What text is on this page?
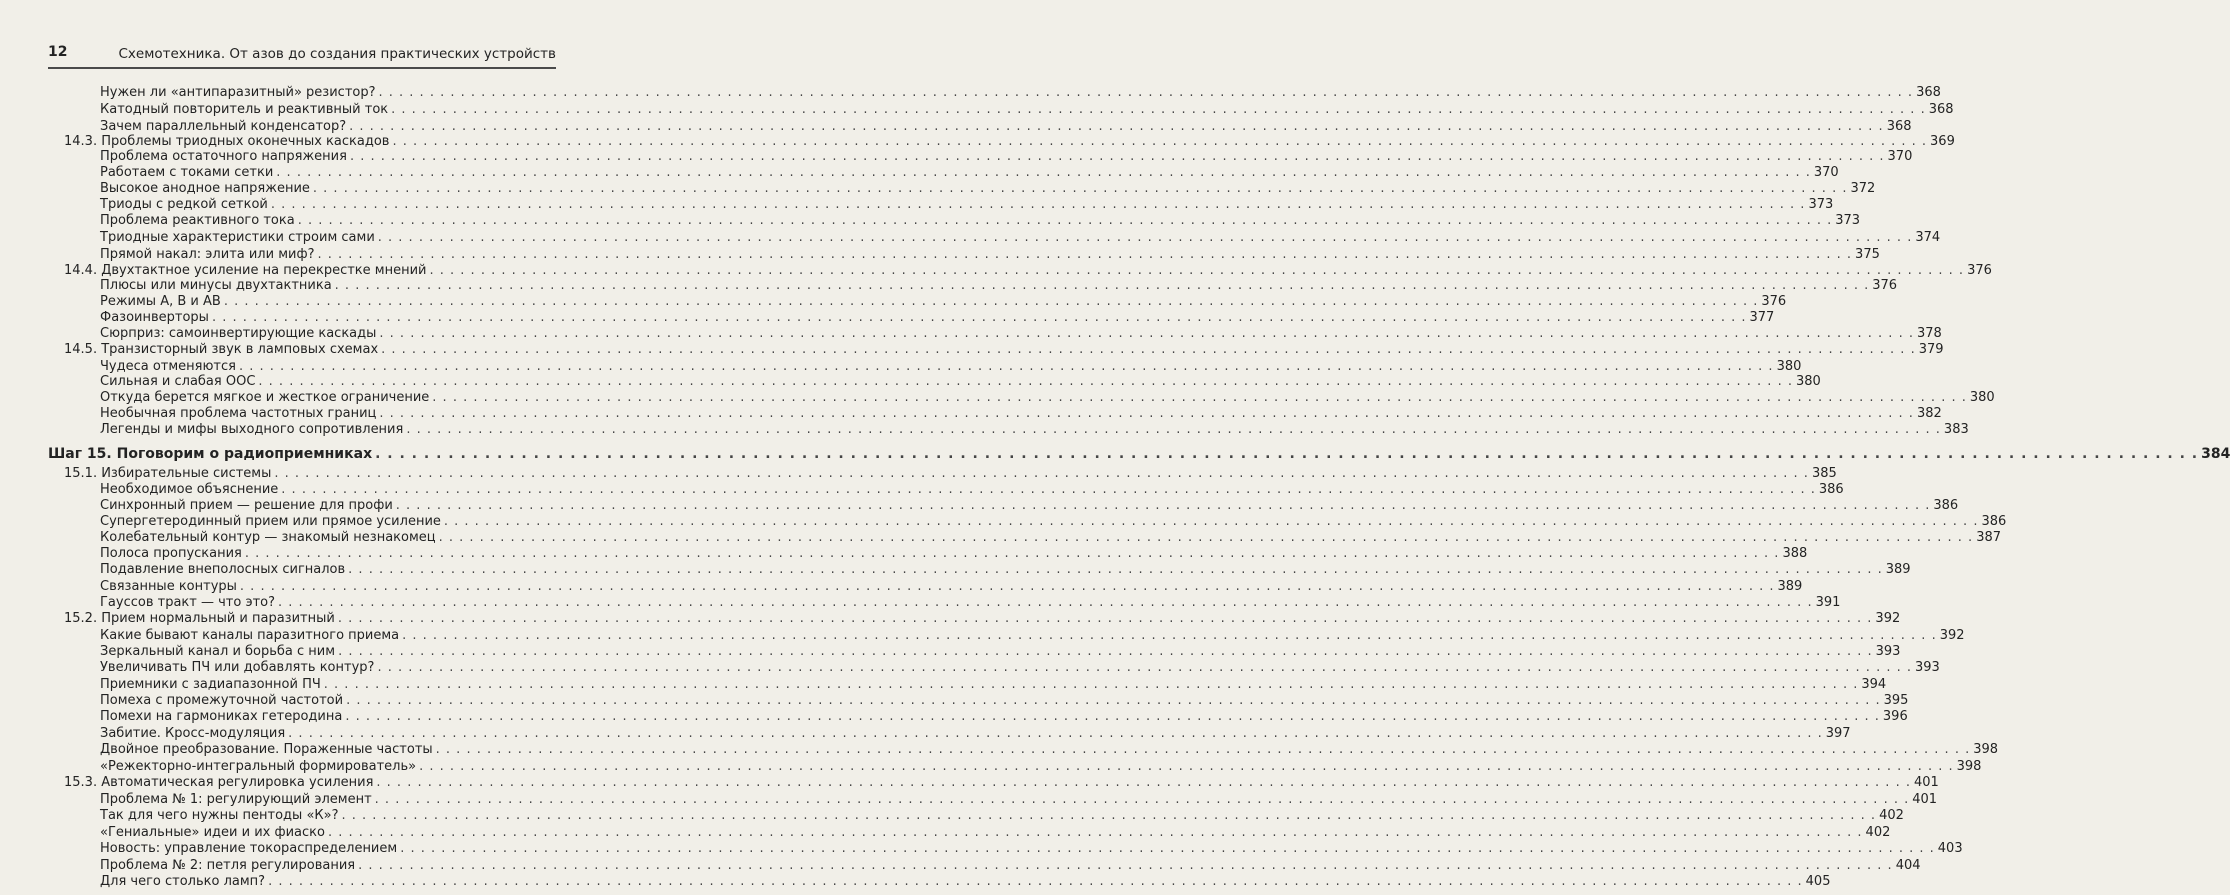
12	Схемотехника. От азов до создания практических устройств
Нужен ли «антипаразитный» резистор? . . . . . . . . . . . . . . . . . . . . . . . . . . . . . . . . . . . . . . . . . . . . . . . . . . . . . . . . . . . . . . . . . . . . . . . . . . . . . . . . . . . . . . . . . . . . . . . . . . . . . . . . . . . . . . . . . . . . . . . . . . . . . . . . . . . . . . . . . . . . . . . . . . . . . . 368
Катодный повторитель и реактивный ток . . . . . . . . . . . . . . . . . . . . . . . . . . . . . . . . . . . . . . . . . . . . . . . . . . . . . . . . . . . . . . . . . . . . . . . . . . . . . . . . . . . . . . . . . . . . . . . . . . . . . . . . . . . . . . . . . . . . . . . . . . . . . . . . . . . . . . . . . . . . . . . . . . . . . . 368
Зачем параллельный конденсатор? . . . . . . . . . . . . . . . . . . . . . . . . . . . . . . . . . . . . . . . . . . . . . . . . . . . . . . . . . . . . . . . . . . . . . . . . . . . . . . . . . . . . . . . . . . . . . . . . . . . . . . . . . . . . . . . . . . . . . . . . . . . . . . . . . . . . . . . . . . . . . . . . . . . . . . 368
14.3. Проблемы триодных оконечных каскадов . . . . . . . . . . . . . . . . . . . . . . . . . . . . . . . . . . . . . . . . . . . . . . . . . . . . . . . . . . . . . . . . . . . . . . . . . . . . . . . . . . . . . . . . . . . . . . . . . . . . . . . . . . . . . . . . . . . . . . . . . . . . . . . . . . . . . . . . . . . . . . . . . . . . . . 369
Проблема остаточного напряжения . . . . . . . . . . . . . . . . . . . . . . . . . . . . . . . . . . . . . . . . . . . . . . . . . . . . . . . . . . . . . . . . . . . . . . . . . . . . . . . . . . . . . . . . . . . . . . . . . . . . . . . . . . . . . . . . . . . . . . . . . . . . . . . . . . . . . . . . . . . . . . . . . . . . . . 370
Работаем с токами сетки . . . . . . . . . . . . . . . . . . . . . . . . . . . . . . . . . . . . . . . . . . . . . . . . . . . . . . . . . . . . . . . . . . . . . . . . . . . . . . . . . . . . . . . . . . . . . . . . . . . . . . . . . . . . . . . . . . . . . . . . . . . . . . . . . . . . . . . . . . . . . . . . . . . . . . 370
Высокое анодное напряжение . . . . . . . . . . . . . . . . . . . . . . . . . . . . . . . . . . . . . . . . . . . . . . . . . . . . . . . . . . . . . . . . . . . . . . . . . . . . . . . . . . . . . . . . . . . . . . . . . . . . . . . . . . . . . . . . . . . . . . . . . . . . . . . . . . . . . . . . . . . . . . . . . . . . . . 372
Триоды с редкой сеткой . . . . . . . . . . . . . . . . . . . . . . . . . . . . . . . . . . . . . . . . . . . . . . . . . . . . . . . . . . . . . . . . . . . . . . . . . . . . . . . . . . . . . . . . . . . . . . . . . . . . . . . . . . . . . . . . . . . . . . . . . . . . . . . . . . . . . . . . . . . . . . . . . . . . . . 373
Проблема реактивного тока . . . . . . . . . . . . . . . . . . . . . . . . . . . . . . . . . . . . . . . . . . . . . . . . . . . . . . . . . . . . . . . . . . . . . . . . . . . . . . . . . . . . . . . . . . . . . . . . . . . . . . . . . . . . . . . . . . . . . . . . . . . . . . . . . . . . . . . . . . . . . . . . . . . . . . 373
Триодные характеристики строим сами . . . . . . . . . . . . . . . . . . . . . . . . . . . . . . . . . . . . . . . . . . . . . . . . . . . . . . . . . . . . . . . . . . . . . . . . . . . . . . . . . . . . . . . . . . . . . . . . . . . . . . . . . . . . . . . . . . . . . . . . . . . . . . . . . . . . . . . . . . . . . . . . . . . . . . 374
Прямой накал: элита или миф? . . . . . . . . . . . . . . . . . . . . . . . . . . . . . . . . . . . . . . . . . . . . . . . . . . . . . . . . . . . . . . . . . . . . . . . . . . . . . . . . . . . . . . . . . . . . . . . . . . . . . . . . . . . . . . . . . . . . . . . . . . . . . . . . . . . . . . . . . . . . . . . . . . . . . . 375
14.4. Двухтактное усиление на перекрестке мнений . . . . . . . . . . . . . . . . . . . . . . . . . . . . . . . . . . . . . . . . . . . . . . . . . . . . . . . . . . . . . . . . . . . . . . . . . . . . . . . . . . . . . . . . . . . . . . . . . . . . . . . . . . . . . . . . . . . . . . . . . . . . . . . . . . . . . . . . . . . . . . . . . . . . . . 376
Плюсы или минусы двухтактника . . . . . . . . . . . . . . . . . . . . . . . . . . . . . . . . . . . . . . . . . . . . . . . . . . . . . . . . . . . . . . . . . . . . . . . . . . . . . . . . . . . . . . . . . . . . . . . . . . . . . . . . . . . . . . . . . . . . . . . . . . . . . . . . . . . . . . . . . . . . . . . . . . . . . . 376
Режимы А, В и АВ . . . . . . . . . . . . . . . . . . . . . . . . . . . . . . . . . . . . . . . . . . . . . . . . . . . . . . . . . . . . . . . . . . . . . . . . . . . . . . . . . . . . . . . . . . . . . . . . . . . . . . . . . . . . . . . . . . . . . . . . . . . . . . . . . . . . . . . . . . . . . . . . . . . . . . 376
Фазоинверторы . . . . . . . . . . . . . . . . . . . . . . . . . . . . . . . . . . . . . . . . . . . . . . . . . . . . . . . . . . . . . . . . . . . . . . . . . . . . . . . . . . . . . . . . . . . . . . . . . . . . . . . . . . . . . . . . . . . . . . . . . . . . . . . . . . . . . . . . . . . . . . . . . . . . . . 377
Сюрприз: самоинвертирующие каскады . . . . . . . . . . . . . . . . . . . . . . . . . . . . . . . . . . . . . . . . . . . . . . . . . . . . . . . . . . . . . . . . . . . . . . . . . . . . . . . . . . . . . . . . . . . . . . . . . . . . . . . . . . . . . . . . . . . . . . . . . . . . . . . . . . . . . . . . . . . . . . . . . . . . . . 378
14.5. Транзисторный звук в ламповых схемах . . . . . . . . . . . . . . . . . . . . . . . . . . . . . . . . . . . . . . . . . . . . . . . . . . . . . . . . . . . . . . . . . . . . . . . . . . . . . . . . . . . . . . . . . . . . . . . . . . . . . . . . . . . . . . . . . . . . . . . . . . . . . . . . . . . . . . . . . . . . . . . . . . . . . . 379
Чудеса отменяются . . . . . . . . . . . . . . . . . . . . . . . . . . . . . . . . . . . . . . . . . . . . . . . . . . . . . . . . . . . . . . . . . . . . . . . . . . . . . . . . . . . . . . . . . . . . . . . . . . . . . . . . . . . . . . . . . . . . . . . . . . . . . . . . . . . . . . . . . . . . . . . . . . . . . . 380
Сильная и слабая ООС . . . . . . . . . . . . . . . . . . . . . . . . . . . . . . . . . . . . . . . . . . . . . . . . . . . . . . . . . . . . . . . . . . . . . . . . . . . . . . . . . . . . . . . . . . . . . . . . . . . . . . . . . . . . . . . . . . . . . . . . . . . . . . . . . . . . . . . . . . . . . . . . . . . . . . 380
Откуда берется мягкое и жесткое ограничение . . . . . . . . . . . . . . . . . . . . . . . . . . . . . . . . . . . . . . . . . . . . . . . . . . . . . . . . . . . . . . . . . . . . . . . . . . . . . . . . . . . . . . . . . . . . . . . . . . . . . . . . . . . . . . . . . . . . . . . . . . . . . . . . . . . . . . . . . . . . . . . . . . . . . . 380
Необычная проблема частотных границ . . . . . . . . . . . . . . . . . . . . . . . . . . . . . . . . . . . . . . . . . . . . . . . . . . . . . . . . . . . . . . . . . . . . . . . . . . . . . . . . . . . . . . . . . . . . . . . . . . . . . . . . . . . . . . . . . . . . . . . . . . . . . . . . . . . . . . . . . . . . . . . . . . . . . . 382
Легенды и мифы выходного сопротивления . . . . . . . . . . . . . . . . . . . . . . . . . . . . . . . . . . . . . . . . . . . . . . . . . . . . . . . . . . . . . . . . . . . . . . . . . . . . . . . . . . . . . . . . . . . . . . . . . . . . . . . . . . . . . . . . . . . . . . . . . . . . . . . . . . . . . . . . . . . . . . . . . . . . . . 383
Шаг 15. Поговорим о радиоприемниках . . . . . . . . . . . . . . . . . . . . . . . . . . . . . . . . . . . . . . . . . . . . . . . . . . . . . . . . . . . . . . . . . . . . . . . . . . . . . . . . . . . . . . . . . . . . . . . . . . . . . . . . . . . . . . . . . . . . . . . . . . . . . . . . . . . . . . . . . . . . . . . . . . . . . . 384
15.1. Избирательные системы . . . . . . . . . . . . . . . . . . . . . . . . . . . . . . . . . . . . . . . . . . . . . . . . . . . . . . . . . . . . . . . . . . . . . . . . . . . . . . . . . . . . . . . . . . . . . . . . . . . . . . . . . . . . . . . . . . . . . . . . . . . . . . . . . . . . . . . . . . . . . . . . . . . . . . 385
Необходимое объяснение . . . . . . . . . . . . . . . . . . . . . . . . . . . . . . . . . . . . . . . . . . . . . . . . . . . . . . . . . . . . . . . . . . . . . . . . . . . . . . . . . . . . . . . . . . . . . . . . . . . . . . . . . . . . . . . . . . . . . . . . . . . . . . . . . . . . . . . . . . . . . . . . . . . . . . 386
Синхронный прием — решение для профи . . . . . . . . . . . . . . . . . . . . . . . . . . . . . . . . . . . . . . . . . . . . . . . . . . . . . . . . . . . . . . . . . . . . . . . . . . . . . . . . . . . . . . . . . . . . . . . . . . . . . . . . . . . . . . . . . . . . . . . . . . . . . . . . . . . . . . . . . . . . . . . . . . . . . . 386
Супергетеродинный прием или прямое усиление . . . . . . . . . . . . . . . . . . . . . . . . . . . . . . . . . . . . . . . . . . . . . . . . . . . . . . . . . . . . . . . . . . . . . . . . . . . . . . . . . . . . . . . . . . . . . . . . . . . . . . . . . . . . . . . . . . . . . . . . . . . . . . . . . . . . . . . . . . . . . . . . . . . . . . 386
Колебательный контур — знакомый незнакомец . . . . . . . . . . . . . . . . . . . . . . . . . . . . . . . . . . . . . . . . . . . . . . . . . . . . . . . . . . . . . . . . . . . . . . . . . . . . . . . . . . . . . . . . . . . . . . . . . . . . . . . . . . . . . . . . . . . . . . . . . . . . . . . . . . . . . . . . . . . . . . . . . . . . . . 387
Полоса пропускания . . . . . . . . . . . . . . . . . . . . . . . . . . . . . . . . . . . . . . . . . . . . . . . . . . . . . . . . . . . . . . . . . . . . . . . . . . . . . . . . . . . . . . . . . . . . . . . . . . . . . . . . . . . . . . . . . . . . . . . . . . . . . . . . . . . . . . . . . . . . . . . . . . . . . . 388
Подавление внеполосных сигналов . . . . . . . . . . . . . . . . . . . . . . . . . . . . . . . . . . . . . . . . . . . . . . . . . . . . . . . . . . . . . . . . . . . . . . . . . . . . . . . . . . . . . . . . . . . . . . . . . . . . . . . . . . . . . . . . . . . . . . . . . . . . . . . . . . . . . . . . . . . . . . . . . . . . . . 389
Связанные контуры . . . . . . . . . . . . . . . . . . . . . . . . . . . . . . . . . . . . . . . . . . . . . . . . . . . . . . . . . . . . . . . . . . . . . . . . . . . . . . . . . . . . . . . . . . . . . . . . . . . . . . . . . . . . . . . . . . . . . . . . . . . . . . . . . . . . . . . . . . . . . . . . . . . . . . 389
Гауссов тракт — что это? . . . . . . . . . . . . . . . . . . . . . . . . . . . . . . . . . . . . . . . . . . . . . . . . . . . . . . . . . . . . . . . . . . . . . . . . . . . . . . . . . . . . . . . . . . . . . . . . . . . . . . . . . . . . . . . . . . . . . . . . . . . . . . . . . . . . . . . . . . . . . . . . . . . . . . 391
15.2. Прием нормальный и паразитный . . . . . . . . . . . . . . . . . . . . . . . . . . . . . . . . . . . . . . . . . . . . . . . . . . . . . . . . . . . . . . . . . . . . . . . . . . . . . . . . . . . . . . . . . . . . . . . . . . . . . . . . . . . . . . . . . . . . . . . . . . . . . . . . . . . . . . . . . . . . . . . . . . . . . . 392
Какие бывают каналы паразитного приема . . . . . . . . . . . . . . . . . . . . . . . . . . . . . . . . . . . . . . . . . . . . . . . . . . . . . . . . . . . . . . . . . . . . . . . . . . . . . . . . . . . . . . . . . . . . . . . . . . . . . . . . . . . . . . . . . . . . . . . . . . . . . . . . . . . . . . . . . . . . . . . . . . . . . . 392
Зеркальный канал и борьба с ним . . . . . . . . . . . . . . . . . . . . . . . . . . . . . . . . . . . . . . . . . . . . . . . . . . . . . . . . . . . . . . . . . . . . . . . . . . . . . . . . . . . . . . . . . . . . . . . . . . . . . . . . . . . . . . . . . . . . . . . . . . . . . . . . . . . . . . . . . . . . . . . . . . . . . . 393
Увеличивать ПЧ или добавлять контур? . . . . . . . . . . . . . . . . . . . . . . . . . . . . . . . . . . . . . . . . . . . . . . . . . . . . . . . . . . . . . . . . . . . . . . . . . . . . . . . . . . . . . . . . . . . . . . . . . . . . . . . . . . . . . . . . . . . . . . . . . . . . . . . . . . . . . . . . . . . . . . . . . . . . . . 393
Приемники с задиапазонной ПЧ . . . . . . . . . . . . . . . . . . . . . . . . . . . . . . . . . . . . . . . . . . . . . . . . . . . . . . . . . . . . . . . . . . . . . . . . . . . . . . . . . . . . . . . . . . . . . . . . . . . . . . . . . . . . . . . . . . . . . . . . . . . . . . . . . . . . . . . . . . . . . . . . . . . . . . 394
Помеха с промежуточной частотой . . . . . . . . . . . . . . . . . . . . . . . . . . . . . . . . . . . . . . . . . . . . . . . . . . . . . . . . . . . . . . . . . . . . . . . . . . . . . . . . . . . . . . . . . . . . . . . . . . . . . . . . . . . . . . . . . . . . . . . . . . . . . . . . . . . . . . . . . . . . . . . . . . . . . . 395
Помехи на гармониках гетеродина . . . . . . . . . . . . . . . . . . . . . . . . . . . . . . . . . . . . . . . . . . . . . . . . . . . . . . . . . . . . . . . . . . . . . . . . . . . . . . . . . . . . . . . . . . . . . . . . . . . . . . . . . . . . . . . . . . . . . . . . . . . . . . . . . . . . . . . . . . . . . . . . . . . . . . 396
Забитие. Кросс-модуляция . . . . . . . . . . . . . . . . . . . . . . . . . . . . . . . . . . . . . . . . . . . . . . . . . . . . . . . . . . . . . . . . . . . . . . . . . . . . . . . . . . . . . . . . . . . . . . . . . . . . . . . . . . . . . . . . . . . . . . . . . . . . . . . . . . . . . . . . . . . . . . . . . . . . . . 397
Двойное преобразование. Пораженные частоты . . . . . . . . . . . . . . . . . . . . . . . . . . . . . . . . . . . . . . . . . . . . . . . . . . . . . . . . . . . . . . . . . . . . . . . . . . . . . . . . . . . . . . . . . . . . . . . . . . . . . . . . . . . . . . . . . . . . . . . . . . . . . . . . . . . . . . . . . . . . . . . . . . . . . . 398
«Режекторно-интегральный формирователь» . . . . . . . . . . . . . . . . . . . . . . . . . . . . . . . . . . . . . . . . . . . . . . . . . . . . . . . . . . . . . . . . . . . . . . . . . . . . . . . . . . . . . . . . . . . . . . . . . . . . . . . . . . . . . . . . . . . . . . . . . . . . . . . . . . . . . . . . . . . . . . . . . . . . . . 398
15.3. Автоматическая регулировка усиления . . . . . . . . . . . . . . . . . . . . . . . . . . . . . . . . . . . . . . . . . . . . . . . . . . . . . . . . . . . . . . . . . . . . . . . . . . . . . . . . . . . . . . . . . . . . . . . . . . . . . . . . . . . . . . . . . . . . . . . . . . . . . . . . . . . . . . . . . . . . . . . . . . . . . . 401
Проблема № 1: регулирующий элемент . . . . . . . . . . . . . . . . . . . . . . . . . . . . . . . . . . . . . . . . . . . . . . . . . . . . . . . . . . . . . . . . . . . . . . . . . . . . . . . . . . . . . . . . . . . . . . . . . . . . . . . . . . . . . . . . . . . . . . . . . . . . . . . . . . . . . . . . . . . . . . . . . . . . . . 401
Так для чего нужны пентоды «К»? . . . . . . . . . . . . . . . . . . . . . . . . . . . . . . . . . . . . . . . . . . . . . . . . . . . . . . . . . . . . . . . . . . . . . . . . . . . . . . . . . . . . . . . . . . . . . . . . . . . . . . . . . . . . . . . . . . . . . . . . . . . . . . . . . . . . . . . . . . . . . . . . . . . . . . 402
«Гениальные» идеи и их фиаско . . . . . . . . . . . . . . . . . . . . . . . . . . . . . . . . . . . . . . . . . . . . . . . . . . . . . . . . . . . . . . . . . . . . . . . . . . . . . . . . . . . . . . . . . . . . . . . . . . . . . . . . . . . . . . . . . . . . . . . . . . . . . . . . . . . . . . . . . . . . . . . . . . . . . . 402
Новость: управление токораспределением . . . . . . . . . . . . . . . . . . . . . . . . . . . . . . . . . . . . . . . . . . . . . . . . . . . . . . . . . . . . . . . . . . . . . . . . . . . . . . . . . . . . . . . . . . . . . . . . . . . . . . . . . . . . . . . . . . . . . . . . . . . . . . . . . . . . . . . . . . . . . . . . . . . . . . 403
Проблема № 2: петля регулирования . . . . . . . . . . . . . . . . . . . . . . . . . . . . . . . . . . . . . . . . . . . . . . . . . . . . . . . . . . . . . . . . . . . . . . . . . . . . . . . . . . . . . . . . . . . . . . . . . . . . . . . . . . . . . . . . . . . . . . . . . . . . . . . . . . . . . . . . . . . . . . . . . . . . . . 404
Для чего столько ламп? . . . . . . . . . . . . . . . . . . . . . . . . . . . . . . . . . . . . . . . . . . . . . . . . . . . . . . . . . . . . . . . . . . . . . . . . . . . . . . . . . . . . . . . . . . . . . . . . . . . . . . . . . . . . . . . . . . . . . . . . . . . . . . . . . . . . . . . . . . . . . . . . . . . . . . 405
